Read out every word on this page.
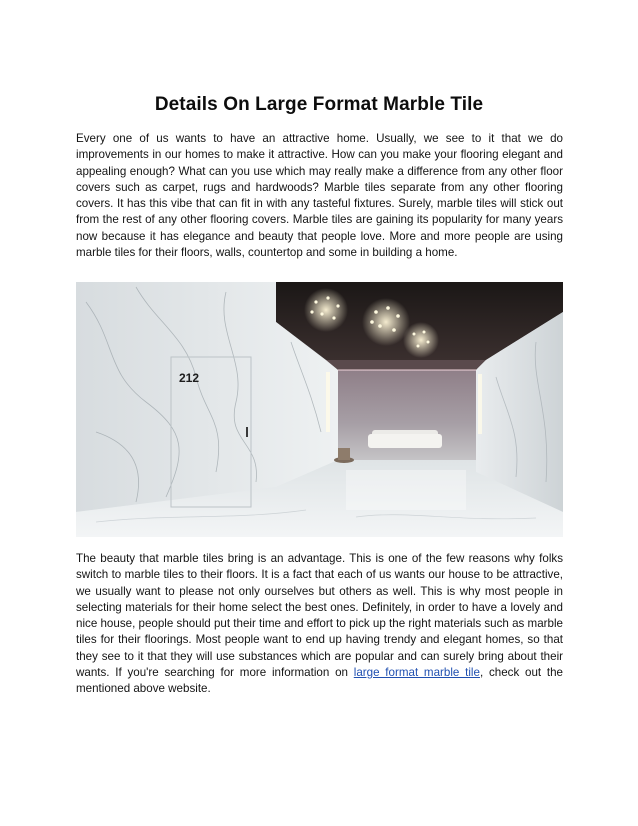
Details On Large Format Marble Tile

Every one of us wants to have an attractive home. Usually, we see to it that we do improvements in our homes to make it attractive. How can you make your flooring elegant and appealing enough? What can you use which may really make a difference from any other floor covers such as carpet, rugs and hardwoods? Marble tiles separate from any other flooring covers. It has this vibe that can fit in with any tasteful fixtures. Surely, marble tiles will stick out from the rest of any other flooring covers. Marble tiles are gaining its popularity for many years now because it has elegance and beauty that people love. More and more people are using marble tiles for their floors, walls, countertop and some in building a home.

212

The beauty that marble tiles bring is an advantage. This is one of the few reasons why folks switch to marble tiles to their floors. It is a fact that each of us wants our house to be attractive, we usually want to please not only ourselves but others as well. This is why most people in selecting materials for their home select the best ones. Definitely, in order to have a lovely and nice house, people should put their time and effort to pick up the right materials such as marble tiles for their floorings. Most people want to end up having trendy and elegant homes, so that they see to it that they will use substances which are popular and can surely bring about their wants. If you're searching for more information on large format marble tile, check out the mentioned above website.
